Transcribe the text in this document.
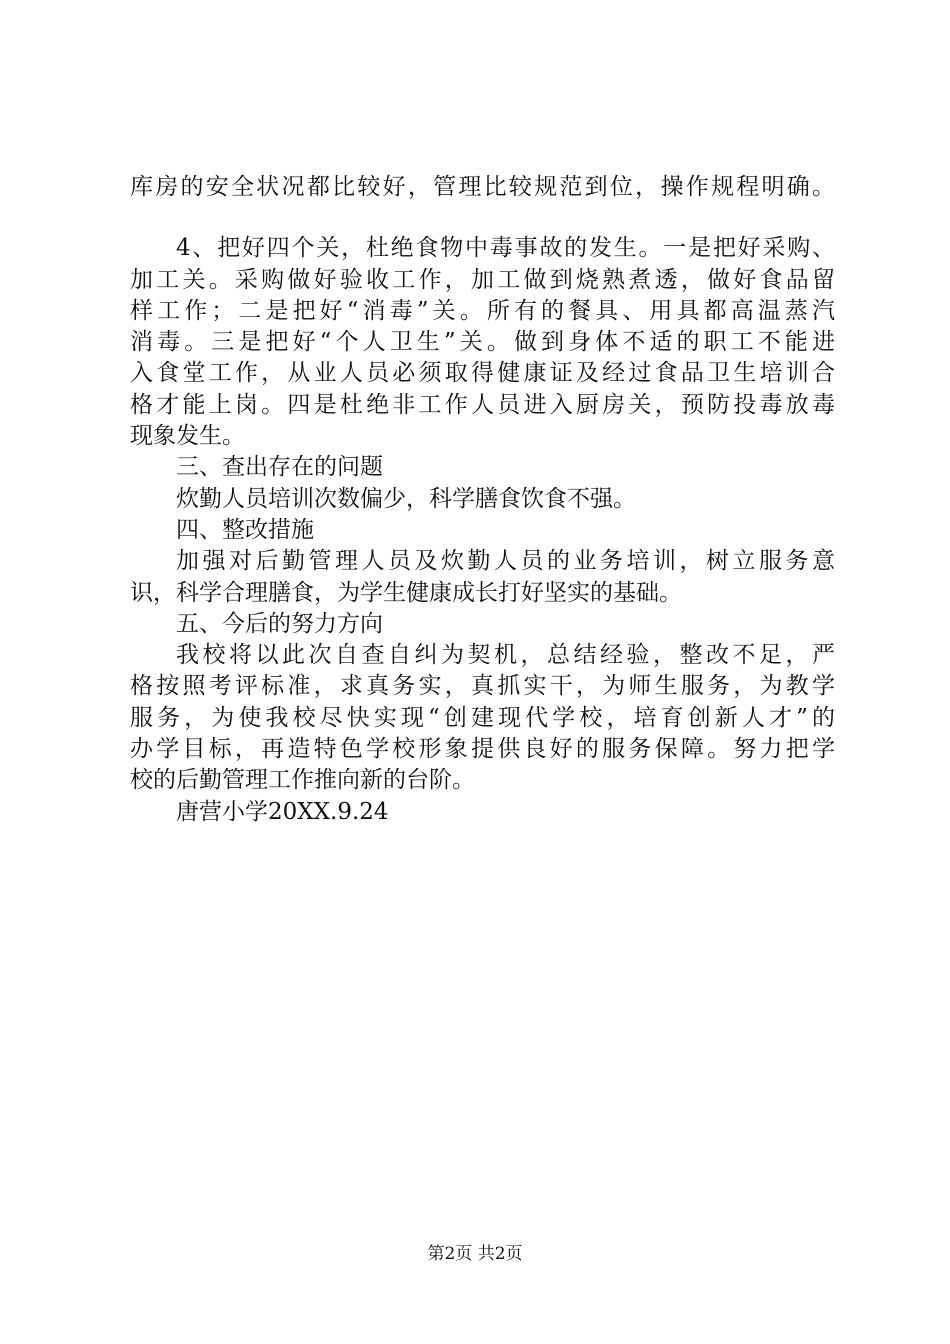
库房的安全状况都比较好，管理比较规范到位，操作规程明确。
4、把好四个关，杜绝食物中毒事故的发生。一是把好采购、
加工关。采购做好验收工作，加工做到烧熟煮透，做好食品留
样工作；二是把好“消毒”关。所有的餐具、用具都高温蒸汽
消毒。三是把好“个人卫生”关。做到身体不适的职工不能进
入食堂工作，从业人员必须取得健康证及经过食品卫生培训合
格才能上岗。四是杜绝非工作人员进入厨房关，预防投毒放毒
现象发生。
三、查出存在的问题
炊勤人员培训次数偏少，科学膳食饮食不强。
四、整改措施
加强对后勤管理人员及炊勤人员的业务培训，树立服务意
识，科学合理膳食，为学生健康成长打好坚实的基础。
五、今后的努力方向
我校将以此次自查自纠为契机，总结经验，整改不足，严
格按照考评标准，求真务实，真抓实干，为师生服务，为教学
服务，为使我校尽快实现“创建现代学校，培育创新人才”的
办学目标，再造特色学校形象提供良好的服务保障。努力把学
校的后勤管理工作推向新的台阶。
唐营小学20XX.9.24
第2页 共2页
